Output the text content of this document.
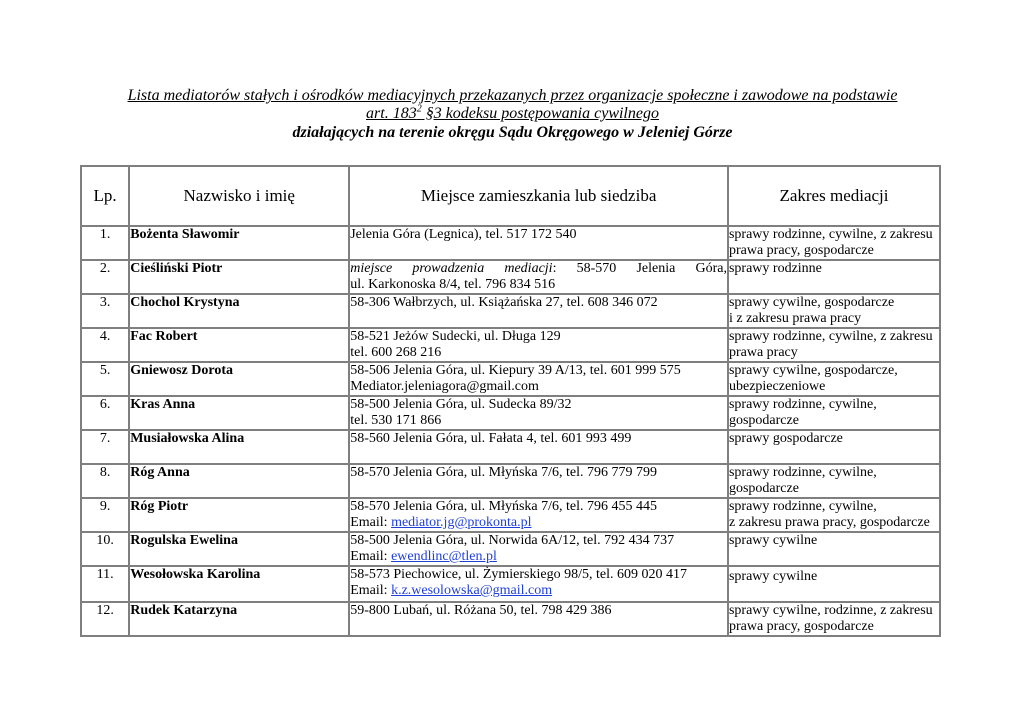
Lista mediatorów stałych i ośrodków mediacyjnych przekazanych przez organizacje społeczne i zawodowe na podstawie
art. $183^2$ §3 kodeksu postępowania cywilnego
działających na terenie okręgu Sądu Okręgowego w Jeleniej Górze
Lp.	Nazwisko i imię	Miejsce zamieszkania lub siedziba	Zakres mediacji
1.	Bożenta Sławomir	Jelenia Góra (Legnica), tel. 517 172 540	sprawy rodzinne, cywilne, z zakresu
prawa pracy, gospodarcze

2.	Cieśliński Piotr	miejsce prowadzenia mediacji: 58-570 Jelenia Góra,
ul. Karkonoska 8/4, tel. 796 834 516	sprawy rodzinne

3.	Chochol Krystyna	58-306 Wałbrzych, ul. Książańska 27, tel. 608 346 072	sprawy cywilne, gospodarcze
i z zakresu prawa pracy

4.	Fac Robert	58-521 Jeżów Sudecki, ul. Długa 129
tel. 600 268 216	sprawy rodzinne, cywilne, z zakresu
prawa pracy

5.	Gniewosz Dorota	58-506 Jelenia Góra, ul. Kiepury 39 A/13, tel. 601 999 575
Mediator.jeleniagora@gmail.com	sprawy cywilne, gospodarcze,
ubezpieczeniowe

6.	Kras Anna	58-500 Jelenia Góra, ul. Sudecka 89/32
tel. 530 171 866	sprawy rodzinne, cywilne,
gospodarcze

7.	Musiałowska Alina	58-560 Jelenia Góra, ul. Fałata 4, tel. 601 993 499	sprawy gospodarcze

8.	Róg Anna	58-570 Jelenia Góra, ul. Młyńska 7/6, tel. 796 779 799	sprawy rodzinne, cywilne,
gospodarcze

9.	Róg Piotr	58-570 Jelenia Góra, ul. Młyńska 7/6, tel. 796 455 445
Email: mediator.jg@prokonta.pl	sprawy rodzinne, cywilne,
z zakresu prawa pracy, gospodarcze

10.	Rogulska Ewelina	58-500 Jelenia Góra, ul. Norwida 6A/12, tel. 792 434 737
Email: ewendlinc@tlen.pl	sprawy cywilne

11.	Wesołowska Karolina	58-573 Piechowice, ul. Żymierskiego 98/5, tel. 609 020 417
Email: k.z.wesolowska@gmail.com	sprawy cywilne

12.	Rudek Katarzyna	59-800 Lubań, ul. Różana 50, tel. 798 429 386	sprawy cywilne, rodzinne, z zakresu
prawa pracy, gospodarcze
